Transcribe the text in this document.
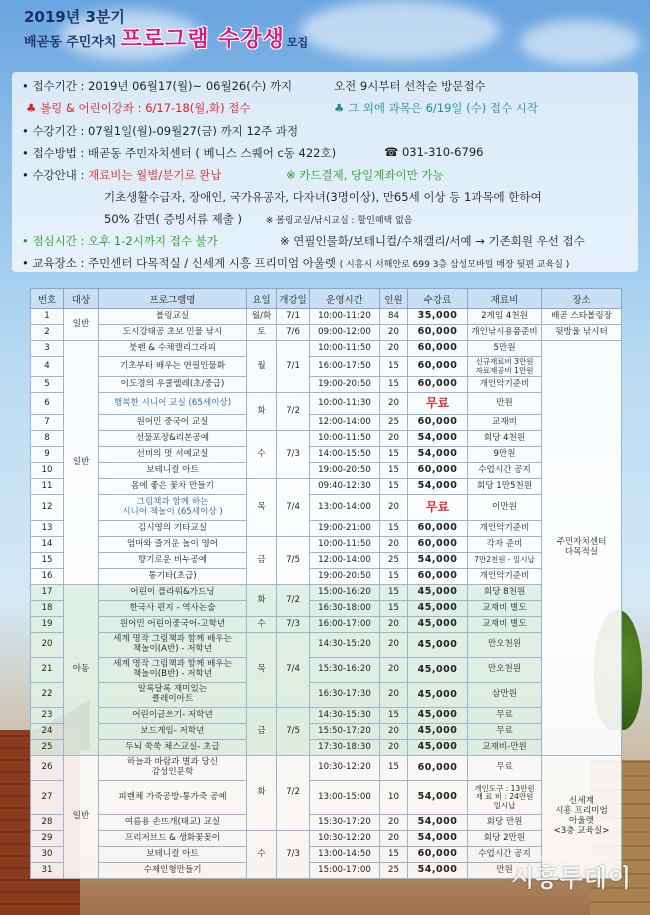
2019년 3분기
배곧동 주민자치 프로그램 수강생 모집
• 접수기간 : 2019년 06월17(월)~ 06월26(수) 까지	오전 9시부터 선착순 방문접수
♣ 볼링 & 어린이강좌 : 6/17-18(월,화) 접수	♣ 그 외에 과목은 6/19일 (수) 접수 시작
• 수강기간 : 07월1일(월)-09월27(금) 까지 12주 과정
• 접수방법 : 배곧동 주민자치센터 ( 베니스 스퀘어 c동 422호)	☎ 031-310-6796
• 수강안내 : 재료비는 월별/분기로 완납	※ 카드결제, 당일계좌이만 가능
기초생활수급자, 장애인, 국가유공자, 다자녀(3명이상), 만65세 이상 등 1과목에 한하여
50% 감면( 증빙서류 제출 )	※ 볼링교실/낚시교실 : 할인혜택 없음
• 점심시간 : 오후 1-2시까지 접수 불가	※ 연필인물화/보테니컬/수채캘리/서예 → 기존회원 우선 접수
• 교육장소 : 주민센터 다목적실 / 신세계 시흥 프리미엄 아울렛 ( 시흥시 서해안로 699 3층 삼성모바일 매장 뒷편 교육실 )
번호	대상	프로그램명	요일	개강일	운영시간	인원	수강료	재료비	장소
1	일반	볼링교실	월/화	7/1	10:00-11:20	84	35,000	2게임 4천원	배곧 스타볼링장
2		도시강태공 초보 민물 낚시	토	7/6	09:00-12:00	20	60,000	개인낚시용품준비	뒷방울 낚시터
3	일반	붓펜 & 수채캘리그라피	월	7/1	10:00-11:50	20	60,000	5만원	주민자치센터
다목적실
4		기초부터 배우는 연필인물화			16:00-17:50	15	60,000	신규재료비 3만원
자료재공비 1만원	
5		이도경의 우쿨렐레(초/중급)			19:00-20:50	15	60,000	개인악기준비	
6		행복한 시니어 교실 (65세이상)	화	7/2	10:00-11:30	20	무료	만원	
7		원어민 중국어 교실			12:00-14:00	25	60,000	교재비	
8		선물포장&리본공예	수	7/3	10:00-11:50	20	54,000	회당 4천원	
9		선비의 멋 서예교실			14:00-15:50	15	54,000	9만원	
10		보테니컬 아트			19:00-20:50	15	60,000	수업시간 공지	
11		몸에 좋은 꽃차 만들기	목	7/4	09:40-12:30	15	54,000	회당 1만5천원	
12		그림책과 함께 하는
시니어 책놀이 (65세이상 )			13:00-14:00	20	무료	이만원	
13		김시영의 기타교실			19:00-21:00	15	60,000	개인악기준비	
14		엄마와 즐거운 놀이 영어	금	7/5	10:00-11:50	20	60,000	각자 준비	
15		향기로운 비누공예			12:00-14:00	25	54,000	7만2천원 - 일시납	
16		통기타(초급)			19:00-20:50	15	60,000	개인악기준비	
17	아동	어린이 플라워&가드닝	화	7/2	15:00-16:20	15	45,000	회당 8천원	
18		한국사 편지 - 역사논술			16:30-18:00	15	45,000	교재비 별도	
19		원어민 어린이중국어-고학년	수	7/3	16:00-17:00	20	45,000	교재비 별도	
20		세계 명작 그림책과 함께 배우는
책놀이(A반) - 저학년	목	7/4	14:30-15:20	20	45,000	만오천원	
21		세계 명작 그림책과 함께 배우는
책놀이(B반) - 저학년			15:30-16:20	20	45,000	만오천원	
22		알록달록 재미있는
클레이아트			16:30-17:30	20	45,000	삼만원	
23		어린이글쓰기- 저학년	금	7/5	14:30-15:30	15	45,000	무료	
24		보드게임- 저학년			15:50-17:20	20	45,000	무료	
25		두뇌 쑥쑥 체스교실- 초급			17:30-18:30	20	45,000	교재비-만원	
26	일반	하늘과 바람과 별과 당신
감성인문학	화	7/2	10:30-12:20	15	60,000	무료	신세계
시흥 프리미엄
아울렛
<3층 교육실>
27		피렌체 가죽공방-통가죽 공예			13:00-15:00	10	54,000	개인도구 : 13만원
재 료 비 : 24만원
일시납	
28		여름용 손뜨개(태교) 교실			15:30-17:20	20	54,000	회당 만원	
29		프리저브드 & 생화꽃꽂이	수	7/3	10:30-12:20	20	54,000	회당 2만원	
30		보테니컬 아트			13:00-14:50	15	60,000	수업시간 공지	
31		수제인형만들기			15:00-17:00	25	54,000	만원	
SIHEUNG TODAY
시흥투데이
